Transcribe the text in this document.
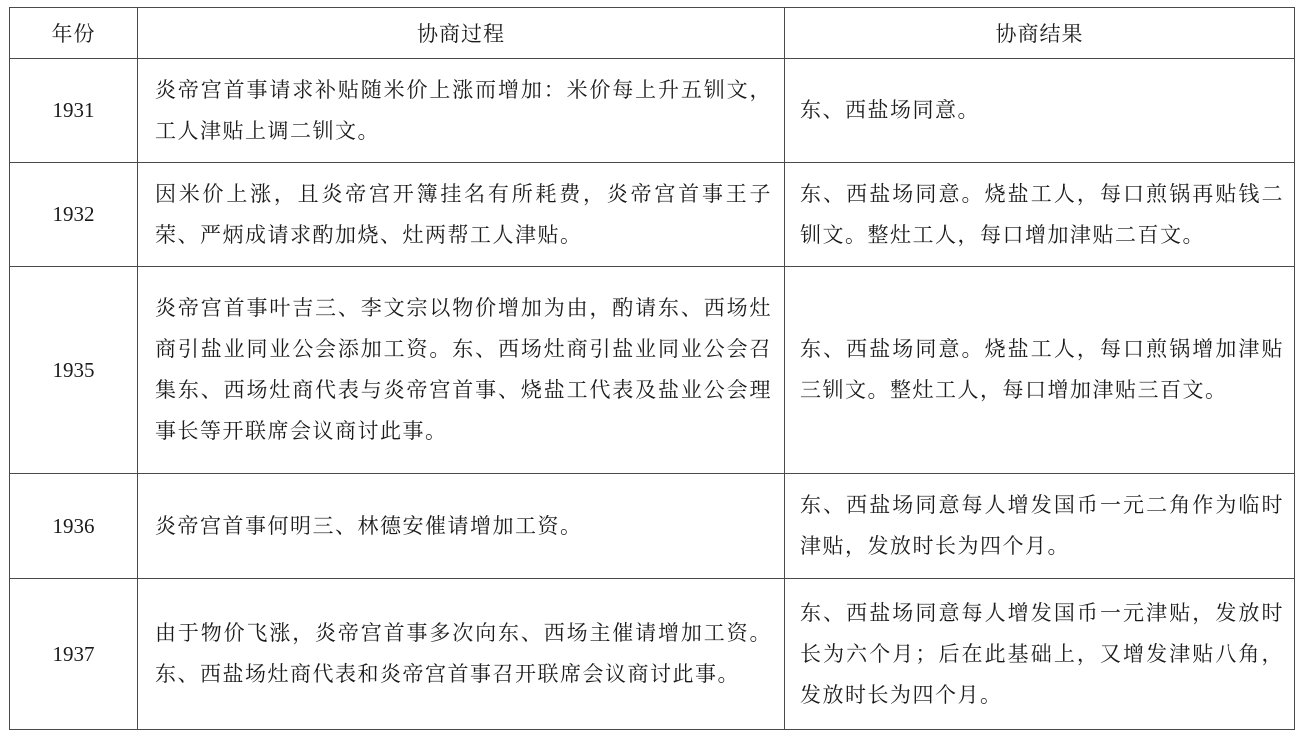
年份	协商过程	协商结果
1931	炎帝宫首事请求补贴随米价上涨而增加：米价每上升五钏文，工人津贴上调二钏文。	东、西盐场同意。
1932	因米价上涨，且炎帝宫开簿挂名有所耗费，炎帝宫首事王子荣、严炳成请求酌加烧、灶两帮工人津贴。	东、西盐场同意。烧盐工人，每口煎锅再贴钱二钏文。整灶工人，每口增加津贴二百文。
1935	炎帝宫首事叶吉三、李文宗以物价增加为由，酌请东、西场灶商引盐业同业公会添加工资。东、西场灶商引盐业同业公会召集东、西场灶商代表与炎帝宫首事、烧盐工代表及盐业公会理事长等开联席会议商讨此事。	东、西盐场同意。烧盐工人，每口煎锅增加津贴三钏文。整灶工人，每口增加津贴三百文。
1936	炎帝宫首事何明三、林德安催请增加工资。	东、西盐场同意每人增发国币一元二角作为临时津贴，发放时长为四个月。
1937	由于物价飞涨，炎帝宫首事多次向东、西场主催请增加工资。东、西盐场灶商代表和炎帝宫首事召开联席会议商讨此事。	东、西盐场同意每人增发国币一元津贴，发放时长为六个月；后在此基础上，又增发津贴八角，发放时长为四个月。
